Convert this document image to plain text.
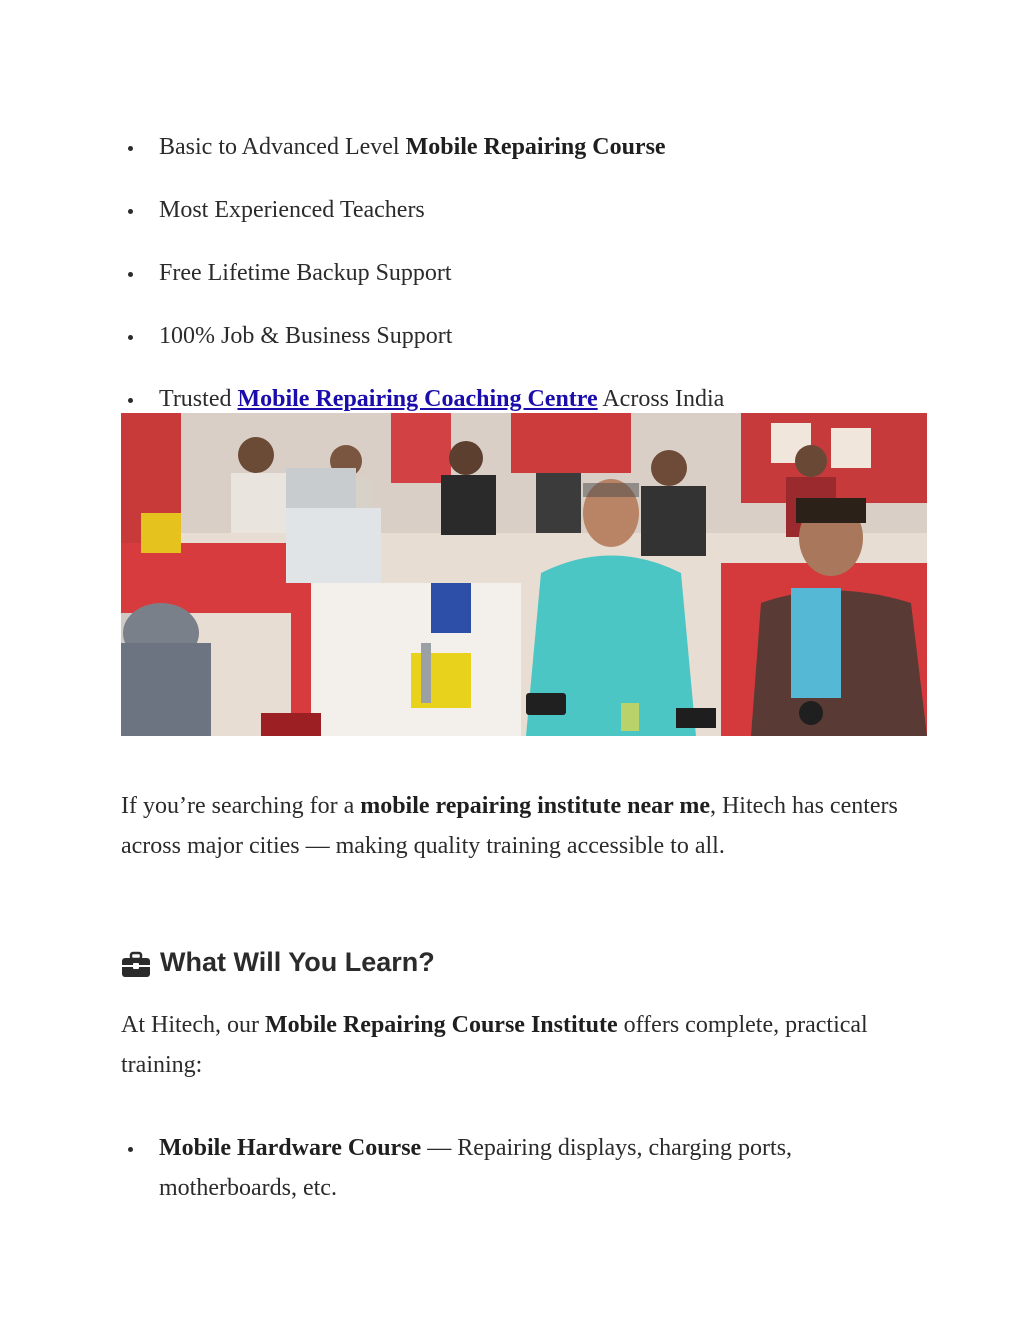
Basic to Advanced Level Mobile Repairing Course
Most Experienced Teachers
Free Lifetime Backup Support
100% Job & Business Support
Trusted Mobile Repairing Coaching Centre Across India

If you’re searching for a mobile repairing institute near me, Hitech has centers across major cities — making quality training accessible to all.

What Will You Learn?

At Hitech, our Mobile Repairing Course Institute offers complete, practical training:

Mobile Hardware Course — Repairing displays, charging ports, motherboards, etc.
